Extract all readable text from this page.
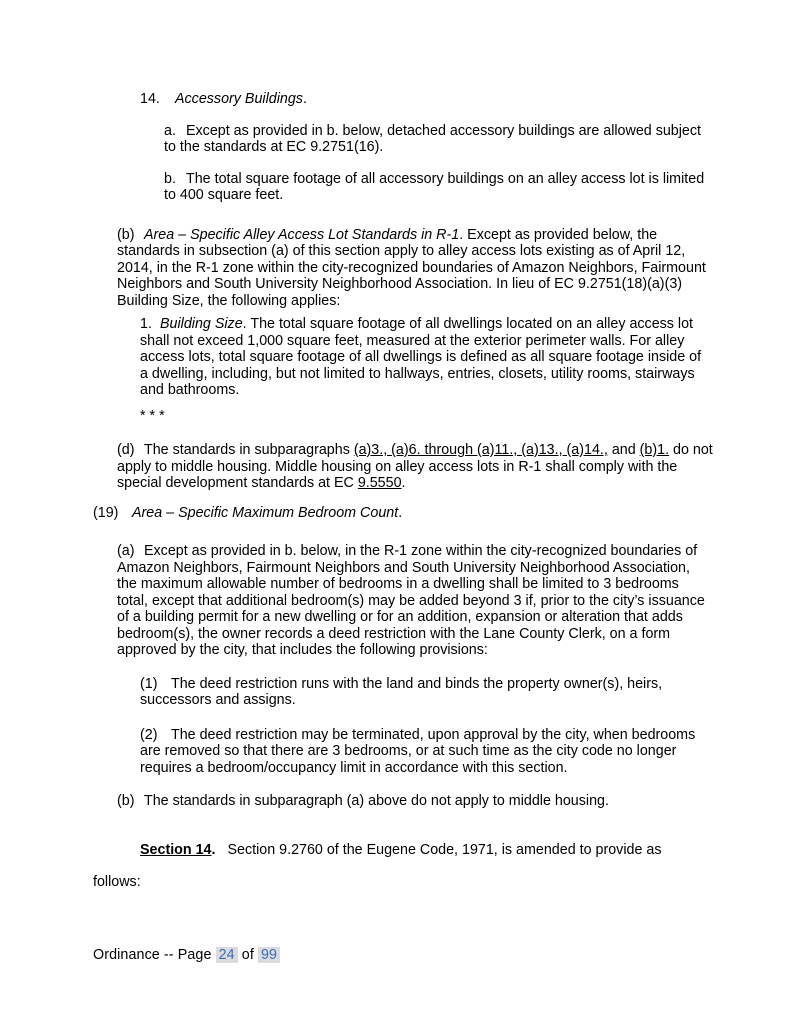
14. Accessory Buildings.

a. Except as provided in b. below, detached accessory buildings are allowed subject to the standards at EC 9.2751(16).

b. The total square footage of all accessory buildings on an alley access lot is limited to 400 square feet.

(b) Area – Specific Alley Access Lot Standards in R-1. Except as provided below, the standards in subsection (a) of this section apply to alley access lots existing as of April 12, 2014, in the R-1 zone within the city-recognized boundaries of Amazon Neighbors, Fairmount Neighbors and South University Neighborhood Association. In lieu of EC 9.2751(18)(a)(3) Building Size, the following applies:

1. Building Size. The total square footage of all dwellings located on an alley access lot shall not exceed 1,000 square feet, measured at the exterior perimeter walls. For alley access lots, total square footage of all dwellings is defined as all square footage inside of a dwelling, including, but not limited to hallways, entries, closets, utility rooms, stairways and bathrooms.

* * *

(d) The standards in subparagraphs (a)3., (a)6. through (a)11., (a)13., (a)14., and (b)1. do not apply to middle housing. Middle housing on alley access lots in R-1 shall comply with the special development standards at EC 9.5550.

(19) Area – Specific Maximum Bedroom Count.

(a) Except as provided in b. below, in the R-1 zone within the city-recognized boundaries of Amazon Neighbors, Fairmount Neighbors and South University Neighborhood Association, the maximum allowable number of bedrooms in a dwelling shall be limited to 3 bedrooms total, except that additional bedroom(s) may be added beyond 3 if, prior to the city’s issuance of a building permit for a new dwelling or for an addition, expansion or alteration that adds bedroom(s), the owner records a deed restriction with the Lane County Clerk, on a form approved by the city, that includes the following provisions:

(1) The deed restriction runs with the land and binds the property owner(s), heirs, successors and assigns.

(2) The deed restriction may be terminated, upon approval by the city, when bedrooms are removed so that there are 3 bedrooms, or at such time as the city code no longer requires a bedroom/occupancy limit in accordance with this section.

(b) The standards in subparagraph (a) above do not apply to middle housing.

Section 14. Section 9.2760 of the Eugene Code, 1971, is amended to provide as

follows:

Ordinance -- Page 24 of 99
